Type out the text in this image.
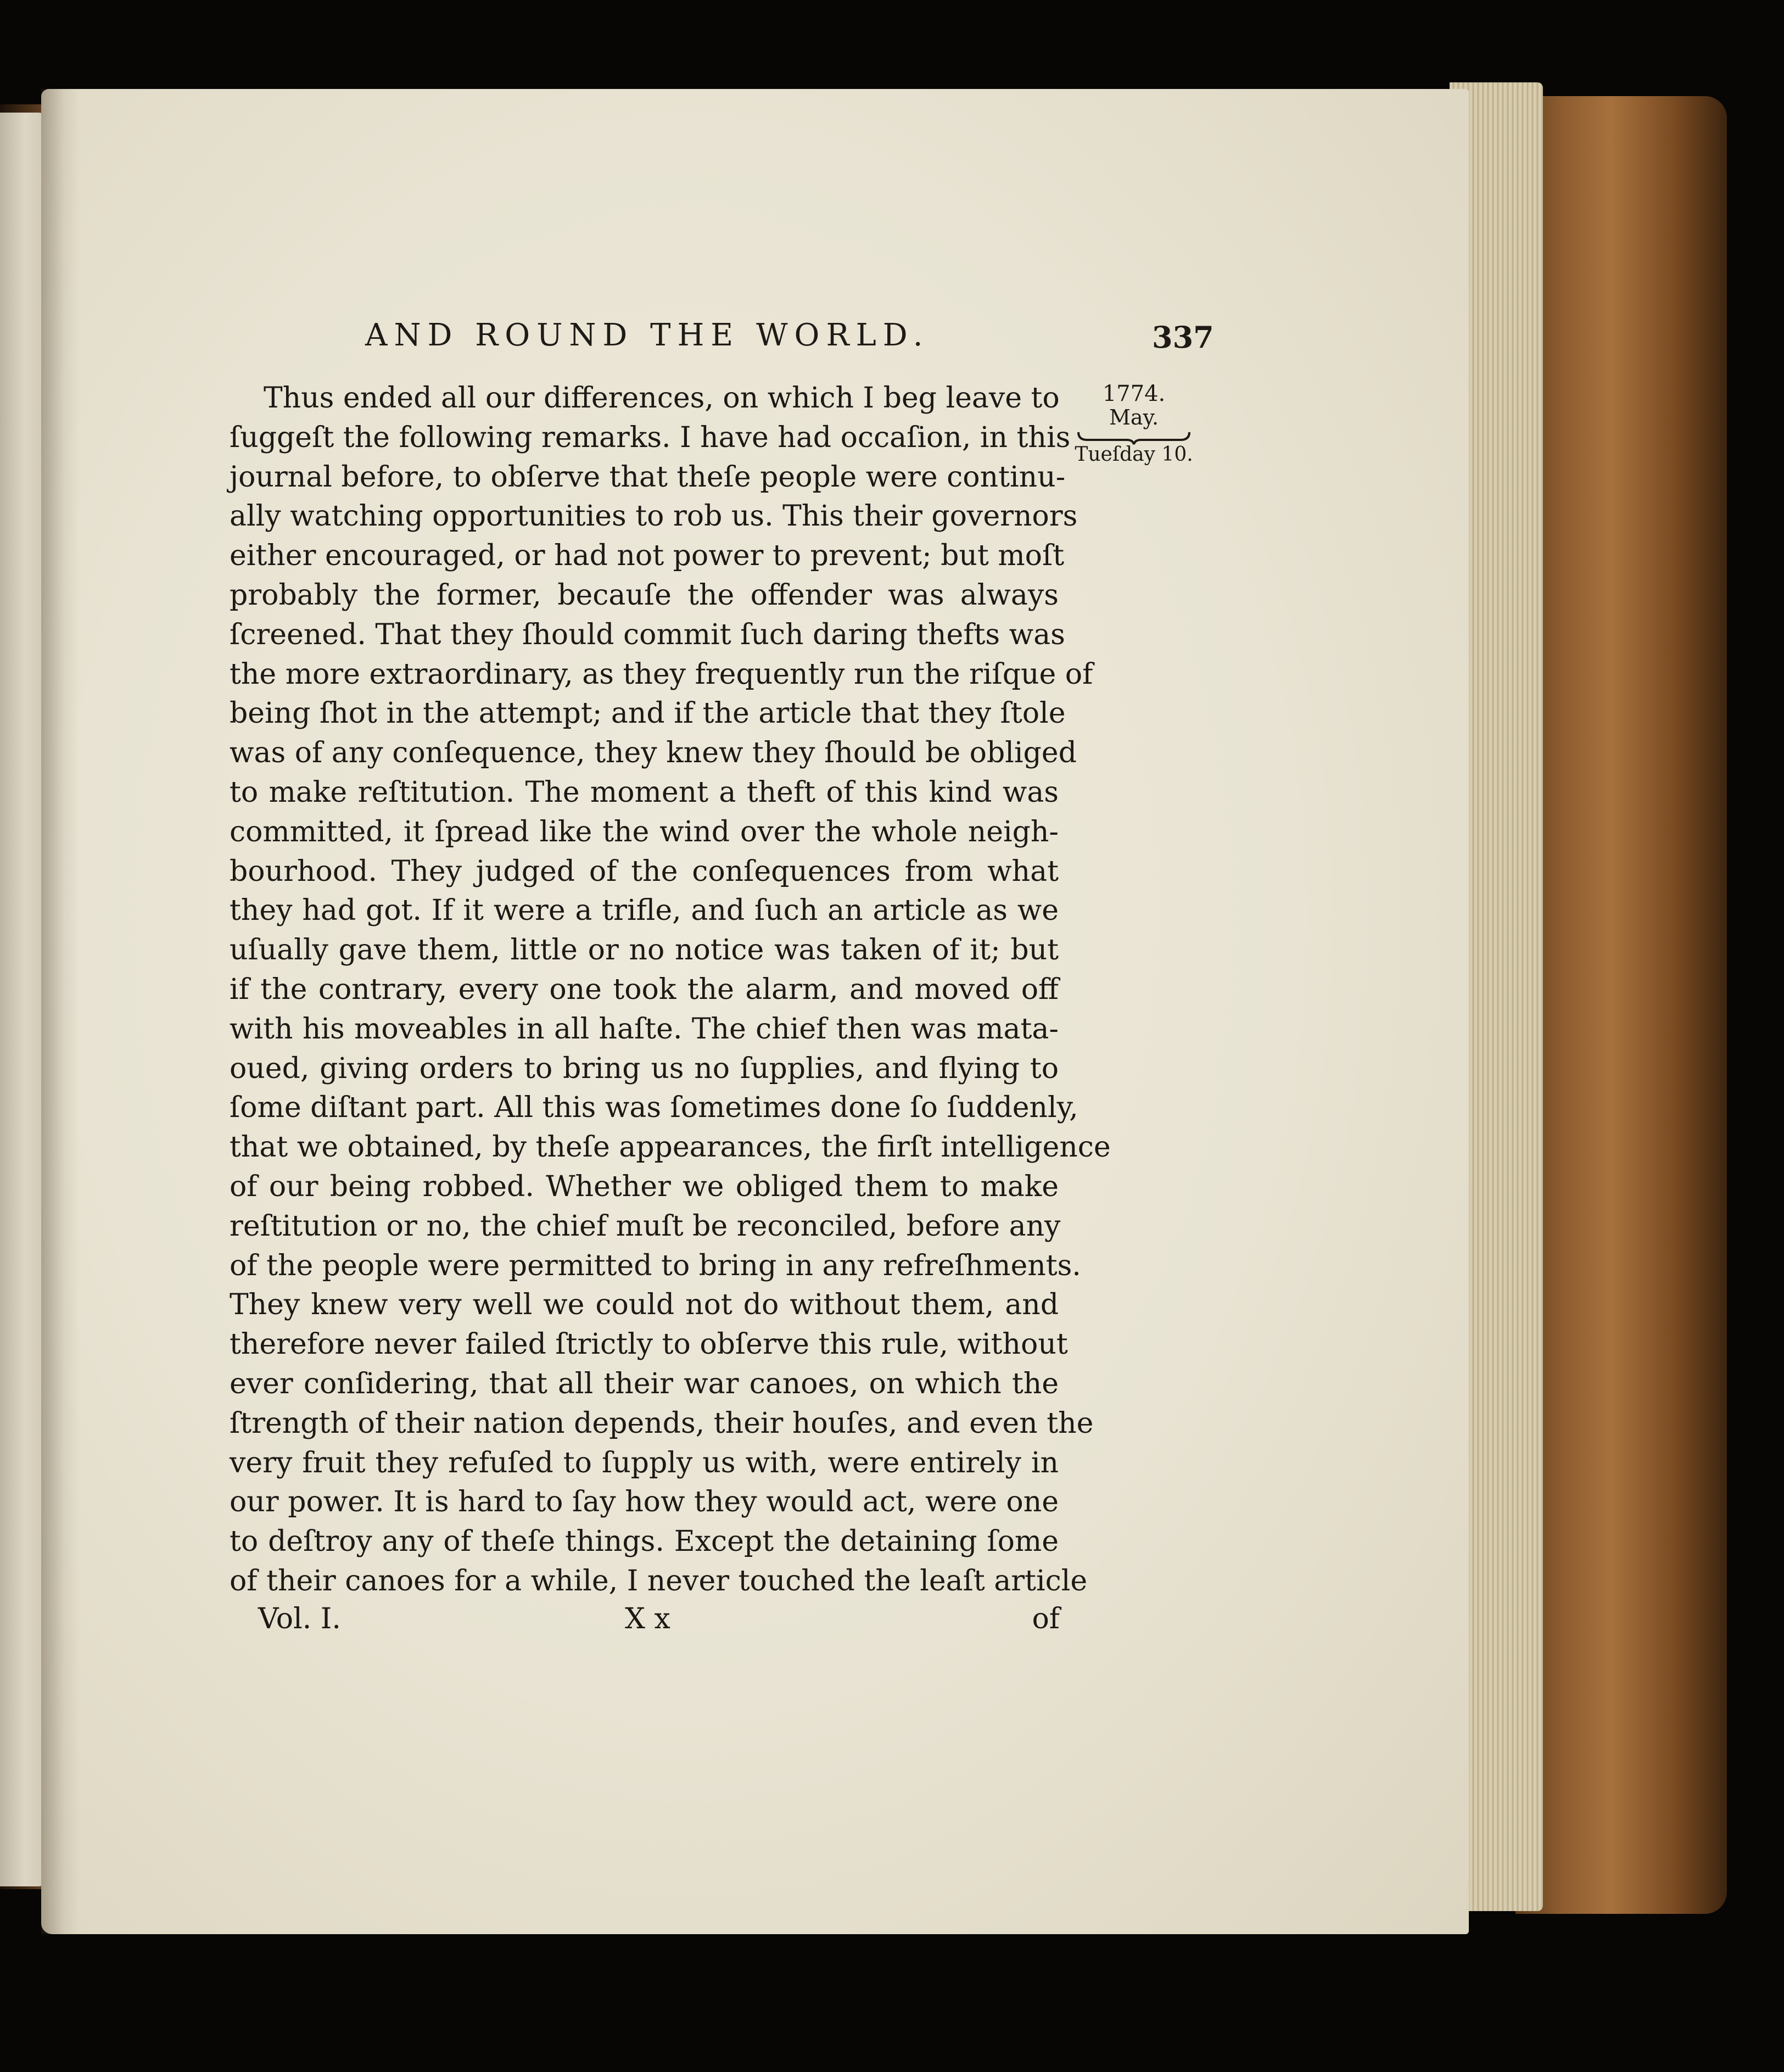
AND ROUND THE WORLD.	337
1774.
May.
Tueſday 10.
Thus ended all our differences, on which I beg leave to
ſuggeſt the following remarks. I have had occaſion, in this
journal before, to obſerve that theſe people were continu-
ally watching opportunities to rob us. This their governors
either encouraged, or had not power to prevent; but moſt
probably the former, becauſe the offender was always
ſcreened. That they ſhould commit ſuch daring thefts was
the more extraordinary, as they frequently run the riſque of
being ſhot in the attempt; and if the article that they ſtole
was of any conſequence, they knew they ſhould be obliged
to make reſtitution. The moment a theft of this kind was
committed, it ſpread like the wind over the whole neigh-
bourhood. They judged of the conſequences from what
they had got. If it were a trifle, and ſuch an article as we
uſually gave them, little or no notice was taken of it; but
if the contrary, every one took the alarm, and moved off
with his moveables in all haſte. The chief then was mata-
oued, giving orders to bring us no ſupplies, and flying to
ſome diſtant part. All this was ſometimes done ſo ſuddenly,
that we obtained, by theſe appearances, the firſt intelligence
of our being robbed. Whether we obliged them to make
reſtitution or no, the chief muſt be reconciled, before any
of the people were permitted to bring in any refreſhments.
They knew very well we could not do without them, and
therefore never failed ſtrictly to obſerve this rule, without
ever conſidering, that all their war canoes, on which the
ſtrength of their nation depends, their houſes, and even the
very fruit they refuſed to ſupply us with, were entirely in
our power. It is hard to ſay how they would act, were one
to deſtroy any of theſe things. Except the detaining ſome
of their canoes for a while, I never touched the leaſt article
Vol. I.	X x	of
